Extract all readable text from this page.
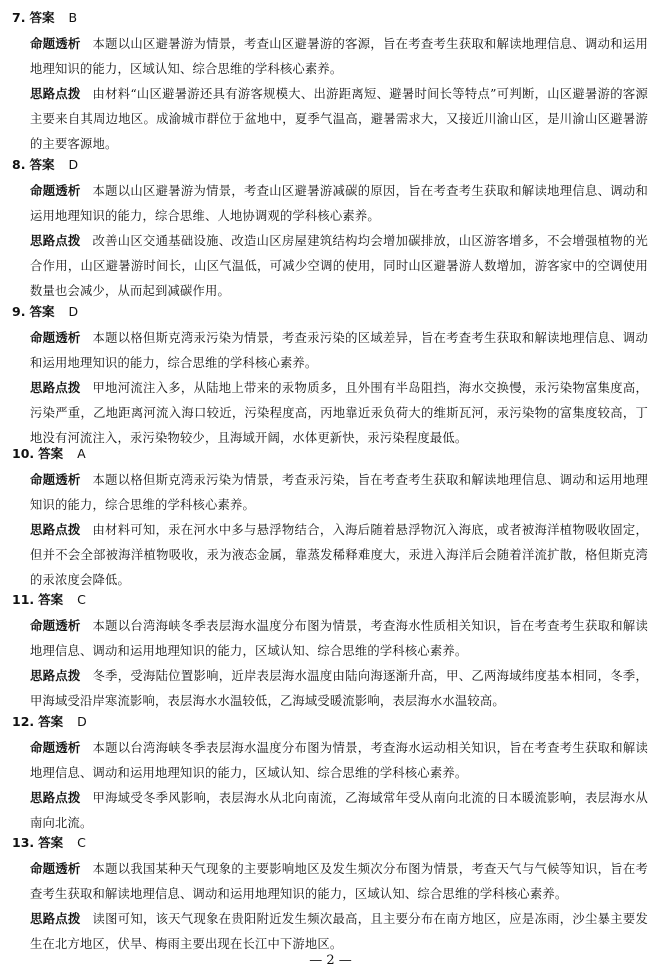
7. 答案 B
命题透析 本题以山区避暑游为情景，考查山区避暑游的客源，旨在考查考生获取和解读地理信息、调动和运用地理知识的能力，区域认知、综合思维的学科核心素养。
思路点拨 由材料“山区避暑游还具有游客规模大、出游距离短、避暑时间长等特点”可判断，山区避暑游的客源主要来自其周边地区。成渝城市群位于盆地中，夏季气温高，避暑需求大，又接近川渝山区，是川渝山区避暑游的主要客源地。
8. 答案 D
命题透析 本题以山区避暑游为情景，考查山区避暑游减碳的原因，旨在考查考生获取和解读地理信息、调动和运用地理知识的能力，综合思维、人地协调观的学科核心素养。
思路点拨 改善山区交通基础设施、改造山区房屋建筑结构均会增加碳排放，山区游客增多，不会增强植物的光合作用，山区避暑游时间长，山区气温低，可减少空调的使用，同时山区避暑游人数增加，游客家中的空调使用数量也会减少，从而起到减碳作用。
9. 答案 D
命题透析 本题以格但斯克湾汞污染为情景，考查汞污染的区域差异，旨在考查考生获取和解读地理信息、调动和运用地理知识的能力，综合思维的学科核心素养。
思路点拨 甲地河流注入多，从陆地上带来的汞物质多，且外围有半岛阻挡，海水交换慢，汞污染物富集度高，污染严重，乙地距离河流入海口较近，污染程度高，丙地靠近汞负荷大的维斯瓦河，汞污染物的富集度较高，丁地没有河流注入，汞污染物较少，且海域开阔，水体更新快，汞污染程度最低。
10. 答案 A
命题透析 本题以格但斯克湾汞污染为情景，考查汞污染，旨在考查考生获取和解读地理信息、调动和运用地理知识的能力，综合思维的学科核心素养。
思路点拨 由材料可知，汞在河水中多与悬浮物结合，入海后随着悬浮物沉入海底，或者被海洋植物吸收固定，但并不会全部被海洋植物吸收，汞为液态金属，靠蒸发稀释难度大，汞进入海洋后会随着洋流扩散，格但斯克湾的汞浓度会降低。
11. 答案 C
命题透析 本题以台湾海峡冬季表层海水温度分布图为情景，考查海水性质相关知识，旨在考查考生获取和解读地理信息、调动和运用地理知识的能力，区域认知、综合思维的学科核心素养。
思路点拨 冬季，受海陆位置影响，近岸表层海水温度由陆向海逐渐升高，甲、乙两海域纬度基本相同，冬季，甲海域受沿岸寒流影响，表层海水水温较低，乙海域受暖流影响，表层海水水温较高。
12. 答案 D
命题透析 本题以台湾海峡冬季表层海水温度分布图为情景，考查海水运动相关知识，旨在考查考生获取和解读地理信息、调动和运用地理知识的能力，区域认知、综合思维的学科核心素养。
思路点拨 甲海域受冬季风影响，表层海水从北向南流，乙海域常年受从南向北流的日本暖流影响，表层海水从南向北流。
13. 答案 C
命题透析 本题以我国某种天气现象的主要影响地区及发生频次分布图为情景，考查天气与气候等知识，旨在考查考生获取和解读地理信息、调动和运用地理知识的能力，区域认知、综合思维的学科核心素养。
思路点拨 读图可知，该天气现象在贵阳附近发生频次最高，且主要分布在南方地区，应是冻雨，沙尘暴主要发生在北方地区，伏旱、梅雨主要出现在长江中下游地区。
— 2 —
